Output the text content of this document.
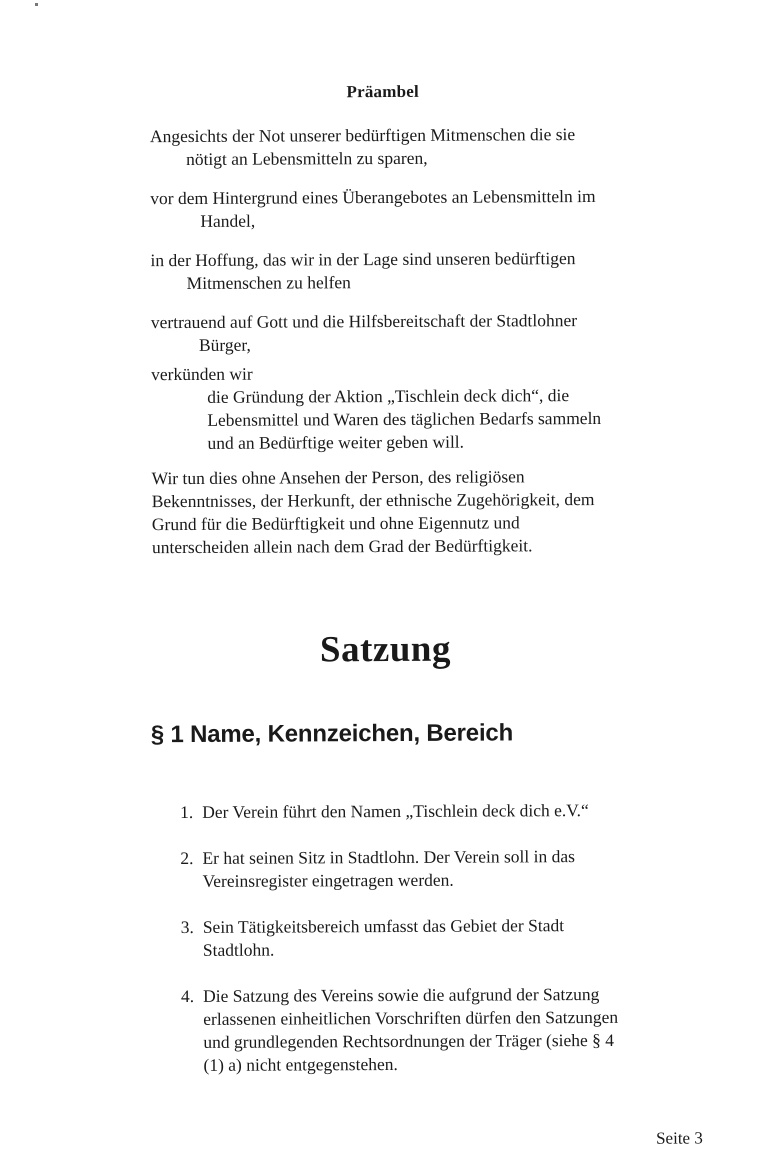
Präambel

Angesichts der Not unserer bedürftigen Mitmenschen die sie
nötigt an Lebensmitteln zu sparen,

vor dem Hintergrund eines Überangebotes an Lebensmitteln im
Handel,

in der Hoffung, das wir in der Lage sind unseren bedürftigen
Mitmenschen zu helfen

vertrauend auf Gott und die Hilfsbereitschaft der Stadtlohner
Bürger,

verkünden wir
die Gründung der Aktion „Tischlein deck dich“, die
Lebensmittel und Waren des täglichen Bedarfs sammeln
und an Bedürftige weiter geben will.

Wir tun dies ohne Ansehen der Person, des religiösen
Bekenntnisses, der Herkunft, der ethnische Zugehörigkeit, dem
Grund für die Bedürftigkeit und ohne Eigennutz und
unterscheiden allein nach dem Grad der Bedürftigkeit.

Satzung
§ 1 Name, Kennzeichen, Bereich
1. Der Verein führt den Namen „Tischlein deck dich e.V.“
2. Er hat seinen Sitz in Stadtlohn. Der Verein soll in das Vereinsregister eingetragen werden.
3. Sein Tätigkeitsbereich umfasst das Gebiet der Stadt Stadtlohn.
4. Die Satzung des Vereins sowie die aufgrund der Satzung erlassenen einheitlichen Vorschriften dürfen den Satzungen und grundlegenden Rechtsordnungen der Träger (siehe § 4 (1) a) nicht entgegenstehen.
Seite 3
